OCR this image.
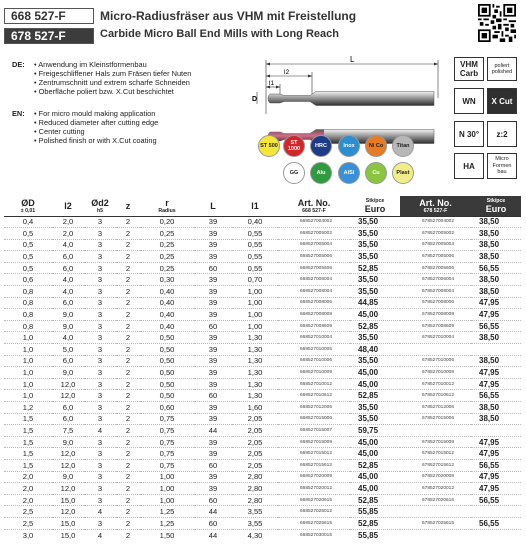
668 527-F
678 527-F
Micro-Radiusfräser aus VHM mit Freistellung
Carbide Micro Ball End Mills with Long Reach
DE:	• Anwendung im Kleinstformenbau
• Freigeschliffener Hals zum Fräsen tiefer Nuten
• Zentrumschnitt und extrem scharfe Schneiden
• Oberfläche poliert bzw. X.Cut beschichtet
EN:	• For micro mould making application
• Reduced diameter after cutting edge
• Center cutting
• Polished finish or with X.Cut coating
L
l2
l1
D
VHM Carb
poliert polished
WN	X Cut
N 30°	z:2
HA
Micro Formen bau
ST 500	ST 1000	HRC	Inox	Ni Co	Titan
GG	Alu	AlSi	Cu	Plast
ØD
± 0,01	l2	Ød2
h5	z	r
Radius	L	l1	Art. No.
668 527-F	Stk/pce
Euro	Art. No.
678 527-F	Stk/pce
Euro

0,4	2,0	3	2	0,20	39	0,40	668527004002	35,50	678527004002	38,50
0,5	2,0	3	2	0,25	39	0,55	668527005002	35,50	678527005002	38,50
0,5	4,0	3	2	0,25	39	0,55	668527005004	35,50	678527005004	38,50
0,5	6,0	3	2	0,25	39	0,55	668527005006	35,50	678527005006	38,50
0,5	6,0	3	2	0,25	60	0,55	668527005606	52,85	678527005606	56,55
0,6	4,0	3	2	0,30	39	0,70	668527006004	35,50	678527006004	38,50
0,8	4,0	3	2	0,40	39	1,00	668527008004	35,50	678527008004	38,50
0,8	6,0	3	2	0,40	39	1,00	668527008006	44,85	678527008006	47,95
0,8	9,0	3	2	0,40	39	1,00	668527008009	45,00	678527008009	47,95
0,8	9,0	3	2	0,40	60	1,00	668527008609	52,85	678527008609	56,55
1,0	4,0	3	2	0,50	39	1,30	668527010004	35,50	678527010004	38,50
1,0	5,0	3	2	0,50	39	1,30	668527010005	48,40		
1,0	6,0	3	2	0,50	39	1,30	668527010006	35,50	678527010006	38,50
1,0	9,0	3	2	0,50	39	1,30	668527010009	45,00	678527010009	47,95
1,0	12,0	3	2	0,50	39	1,30	668527010012	45,00	678527010012	47,95
1,0	12,0	3	2	0,50	60	1,30	668527010612	52,85	678527010612	56,55
1,2	6,0	3	2	0,60	39	1,60	668527012006	35,50	678527012006	38,50
1,5	6,0	3	2	0,75	39	2,05	668527015006	35,50	678527015006	38,50
1,5	7,5	4	2	0,75	44	2,05	668527015007	59,75		
1,5	9,0	3	2	0,75	39	2,05	668527015009	45,00	678527015009	47,95
1,5	12,0	3	2	0,75	39	2,05	668527015012	45,00	678527015012	47,95
1,5	12,0	3	2	0,75	60	2,05	668527015612	52,85	678527015612	56,55
2,0	9,0	3	2	1,00	39	2,80	668527020009	45,00	678527020009	47,95
2,0	12,0	3	2	1,00	39	2,80	668527020012	45,00	678527020012	47,95
2,0	15,0	3	2	1,00	60	2,80	668527020615	52,85	678527020615	56,55
2,5	12,0	4	2	1,25	44	3,55	668527025012	55,85		
2,5	15,0	3	2	1,25	60	3,55	668527025615	52,85	678527025615	56,55
3,0	15,0	4	2	1,50	44	4,30	668527030015	55,85		
